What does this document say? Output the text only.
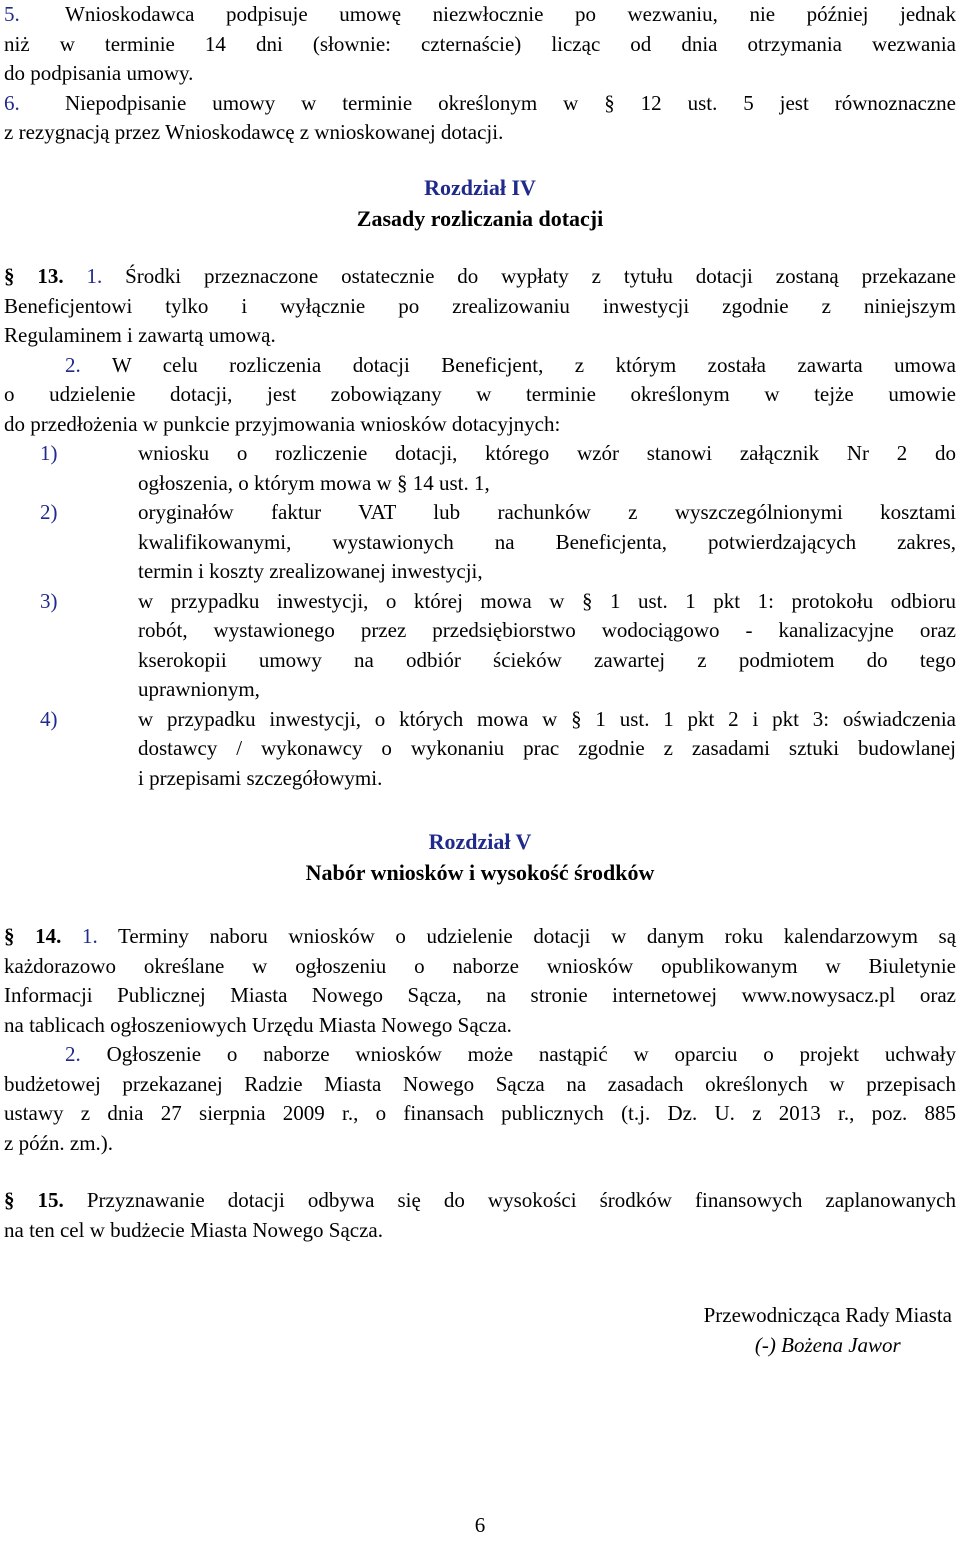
5. Wnioskodawca podpisuje umowę niezwłocznie po wezwaniu, nie później jednak

niż w terminie 14 dni (słownie: czternaście) licząc od dnia otrzymania wezwania

do podpisania umowy.

6. Niepodpisanie umowy w terminie określonym w § 12 ust. 5 jest równoznaczne

z rezygnacją przez Wnioskodawcę z wnioskowanej dotacji.

Rozdział IV
Zasady rozliczania dotacji

§ 13. 1. Środki przeznaczone ostatecznie do wypłaty z tytułu dotacji zostaną przekazane

Beneficjentowi tylko i wyłącznie po zrealizowaniu inwestycji zgodnie z niniejszym

Regulaminem i zawartą umową.

2. W celu rozliczenia dotacji Beneficjent, z którym została zawarta umowa

o udzielenie dotacji, jest zobowiązany w terminie określonym w tejże umowie

do przedłożenia w punkcie przyjmowania wniosków dotacyjnych:

1)	wniosku o rozliczenie dotacji, którego wzór stanowi załącznik Nr 2 do

ogłoszenia, o którym mowa w § 14 ust. 1,

2)	oryginałów faktur VAT lub rachunków z wyszczególnionymi kosztami

kwalifikowanymi, wystawionych na Beneficjenta, potwierdzających zakres,

termin i koszty zrealizowanej inwestycji,

3)	w przypadku inwestycji, o której mowa w § 1 ust. 1 pkt 1: protokołu odbioru

robót, wystawionego przez przedsiębiorstwo wodociągowo - kanalizacyjne oraz

kserokopii umowy na odbiór ścieków zawartej z podmiotem do tego

uprawnionym,

4)	w przypadku inwestycji, o których mowa w § 1 ust. 1 pkt 2 i pkt 3: oświadczenia

dostawcy / wykonawcy o wykonaniu prac zgodnie z zasadami sztuki budowlanej

i przepisami szczegółowymi.

Rozdział V
Nabór wniosków i wysokość środków

§ 14. 1. Terminy naboru wniosków o udzielenie dotacji w danym roku kalendarzowym są

każdorazowo określane w ogłoszeniu o naborze wniosków opublikowanym w Biuletynie

Informacji Publicznej Miasta Nowego Sącza, na stronie internetowej www.nowysacz.pl oraz

na tablicach ogłoszeniowych Urzędu Miasta Nowego Sącza.

2. Ogłoszenie o naborze wniosków może nastąpić w oparciu o projekt uchwały

budżetowej przekazanej Radzie Miasta Nowego Sącza na zasadach określonych w przepisach

ustawy z dnia 27 sierpnia 2009 r., o finansach publicznych (t.j. Dz. U. z 2013 r., poz. 885

z późn. zm.).

§ 15. Przyznawanie dotacji odbywa się do wysokości środków finansowych zaplanowanych

na ten cel w budżecie Miasta Nowego Sącza.

Przewodnicząca Rady Miasta
(-) Bożena Jawor
6
